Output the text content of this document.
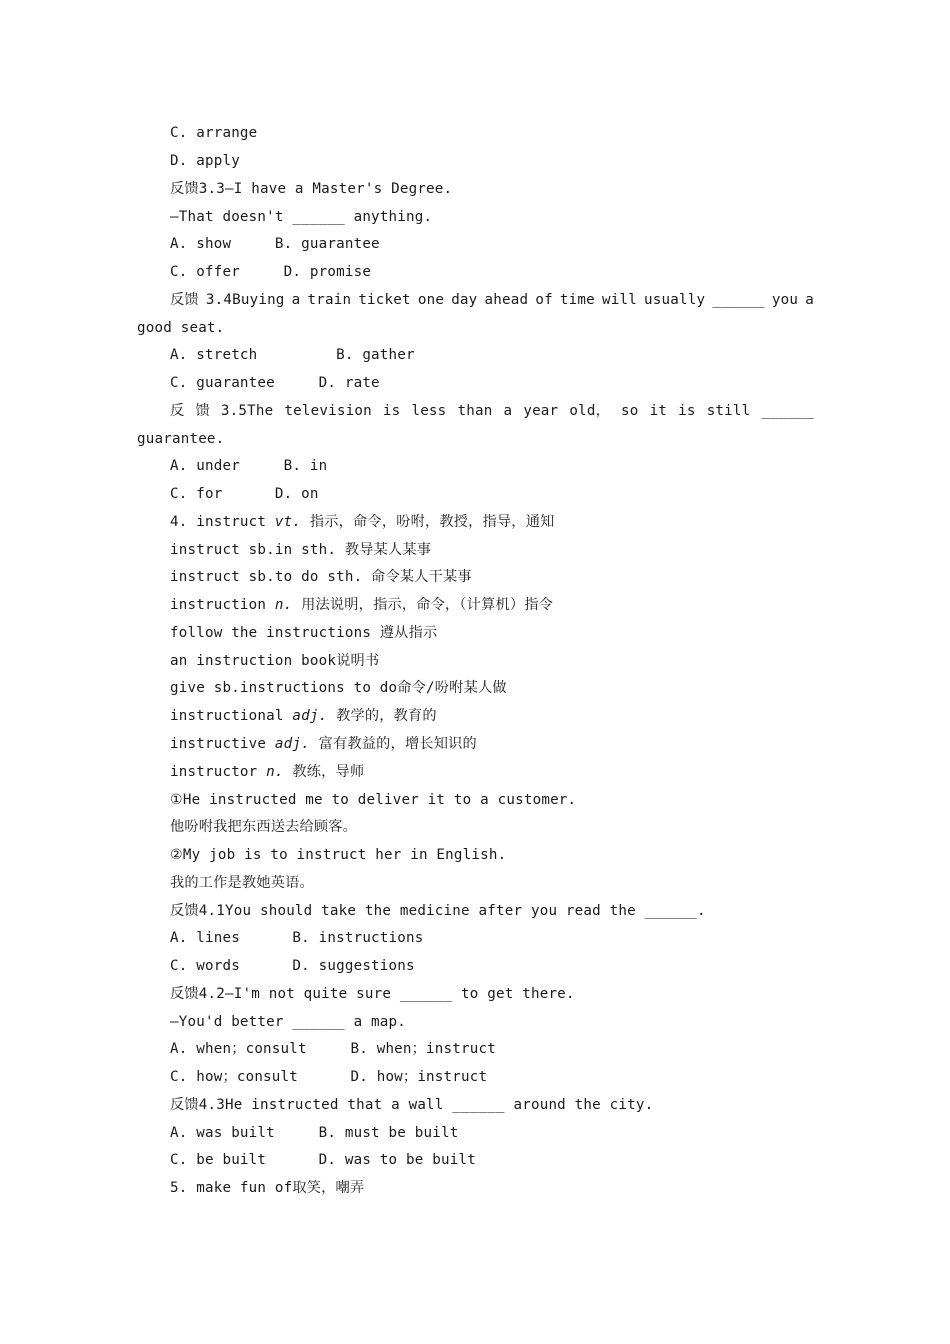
C. arrange
D. apply
反馈3.3—I have a Master's Degree.
—That doesn't ______ anything.
A. show     B. guarantee
C. offer     D. promise
反馈 3.4Buying a train ticket one day ahead of time will usually ______ you a
good seat.
A. stretch         B. gather
C. guarantee     D. rate
反 馈 3.5The television is less than a year old， so it is still ______
guarantee.
A. under     B. in
C. for      D. on
4. instruct vt. 指示，命令，吩咐，教授，指导，通知
instruct sb.in sth. 教导某人某事
instruct sb.to do sth. 命令某人干某事
instruction n. 用法说明，指示，命令，（计算机）指令
follow the instructions 遵从指示
an instruction book说明书
give sb.instructions to do命令/吩咐某人做
instructional adj. 教学的，教育的
instructive adj. 富有教益的，增长知识的
instructor n. 教练，导师
①He instructed me to deliver it to a customer.
他吩咐我把东西送去给顾客。
②My job is to instruct her in English.
我的工作是教她英语。
反馈4.1You should take the medicine after you read the ______.
A. lines      B. instructions
C. words      D. suggestions
反馈4.2—I'm not quite sure ______ to get there.
—You'd better ______ a map.
A. when；consult     B. when；instruct
C. how；consult      D. how；instruct
反馈4.3He instructed that a wall ______ around the city.
A. was built     B. must be built
C. be built      D. was to be built
5. make fun of取笑，嘲弄
